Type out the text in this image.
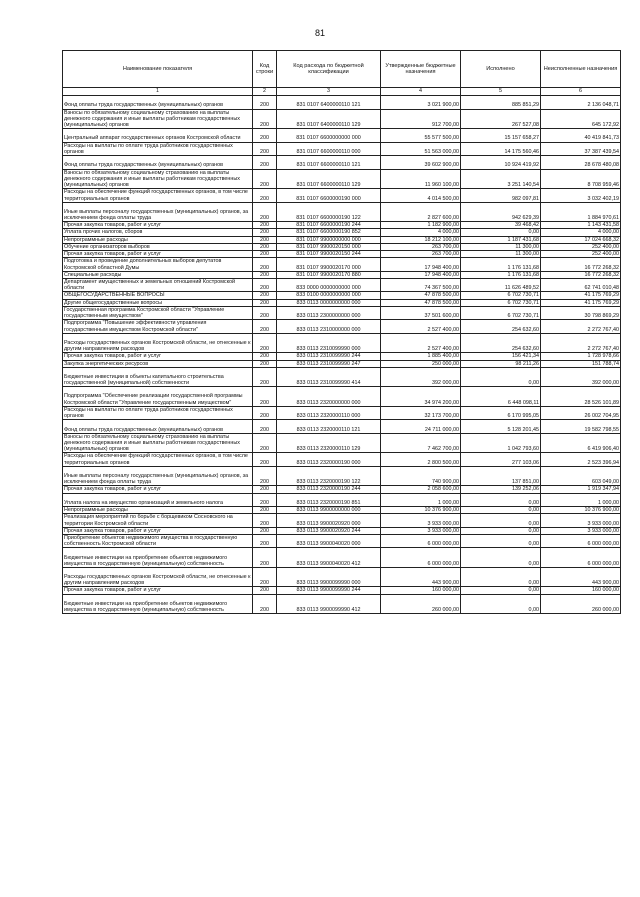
81
Наименование показателя	Код строки	Код расхода по бюджетной классификации	Утвержденные бюджетные назначения	Исполнено	Неисполненные назначения
1	2	3	4	5	6
Фонд оплаты труда государственных (муниципальных) органов	200	831 0107 6400000110 121	3 021 900,00	885 851,29	2 136 048,71
Взносы по обязательному социальному страхованию на выплаты денежного содержания и иные выплаты работникам государственных (муниципальных) органов	200	831 0107 6400000110 129	912 700,00	267 527,08	645 172,92
Центральный аппарат государственных органов Костромской области	200	831 0107 6600000000 000	55 577 500,00	15 157 658,27	40 419 841,73
Расходы на выплаты по оплате труда работников государственных органов	200	831 0107 6600000110 000	51 563 000,00	14 175 560,46	37 387 439,54
Фонд оплаты труда государственных (муниципальных) органов	200	831 0107 6600000110 121	39 602 900,00	10 924 419,92	28 678 480,08
Взносы по обязательному социальному страхованию на выплаты денежного содержания и иные выплаты работникам государственных (муниципальных) органов	200	831 0107 6600000110 129	11 960 100,00	3 251 140,54	8 708 959,46
Расходы на обеспечение функций государственных органов, в том числе территориальных органов	200	831 0107 6600000190 000	4 014 500,00	982 097,81	3 032 402,19
Иные выплаты персоналу государственных (муниципальных) органов, за исключением фонда оплаты труда	200	831 0107 6600000190 122	2 827 600,00	942 629,39	1 884 970,61
Прочая закупка товаров, работ и услуг	200	831 0107 6600000190 244	1 182 900,00	39 468,42	1 143 431,58
Уплата прочих налогов, сборов	200	831 0107 6600000190 852	4 000,00	0,00	4 000,00
Непрограммные расходы	200	831 0107 9900000000 000	18 212 100,00	1 187 431,68	17 024 668,32
Обучение организаторов выборов	200	831 0107 9900020150 000	263 700,00	11 300,00	252 400,00
Прочая закупка товаров, работ и услуг	200	831 0107 9900020150 244	263 700,00	11 300,00	252 400,00
Подготовка и проведение дополнительных выборов депутатов Костромской областной Думы	200	831 0107 9900020170 000	17 948 400,00	1 176 131,68	16 772 268,32
Специальные расходы	200	831 0107 9900020170 880	17 948 400,00	1 176 131,68	16 772 268,32
Департамент имущественных и земельных отношений Костромской области	200	833 0000 0000000000 000	74 367 500,00	11 626 489,52	62 741 010,48
ОБЩЕГОСУДАРСТВЕННЫЕ ВОПРОСЫ	200	833 0100 0000000000 000	47 878 500,00	6 702 730,71	41 175 769,29
Другие общегосударственные вопросы	200	833 0113 0000000000 000	47 878 500,00	6 702 730,71	41 175 769,29
Государственная программа Костромской области "Управление государственным имуществом"	200	833 0113 2300000000 000	37 501 600,00	6 702 730,71	30 798 869,29
Подпрограмма "Повышение эффективности управления государственным имуществом Костромской области"	200	833 0113 2310000000 000	2 527 400,00	254 632,60	2 272 767,40
Расходы государственных органов Костромской области, не отнесенные к другим направлениям расходов	200	833 0113 2310099990 000	2 527 400,00	254 632,60	2 272 767,40
Прочая закупка товаров, работ и услуг	200	833 0113 2310099990 244	1 885 400,00	156 421,34	1 728 978,66
Закупка энергетических ресурсов	200	833 0113 2310099990 247	250 000,00	98 211,26	151 788,74
Бюджетные инвестиции в объекты капитального строительства государственной (муниципальной) собственности	200	833 0113 2310099990 414	392 000,00	0,00	392 000,00
Подпрограмма "Обеспечение реализации государственной программы Костромской области "Управление государственным имуществом"	200	833 0113 2320000000 000	34 974 200,00	6 448 098,11	28 526 101,89
Расходы на выплаты по оплате труда работников государственных органов	200	833 0113 2320000110 000	32 173 700,00	6 170 995,05	26 002 704,95
Фонд оплаты труда государственных (муниципальных) органов	200	833 0113 2320000110 121	24 711 000,00	5 128 201,45	19 582 798,55
Взносы по обязательному социальному страхованию на выплаты денежного содержания и иные выплаты работникам государственных (муниципальных) органов	200	833 0113 2320000110 129	7 462 700,00	1 042 793,60	6 419 906,40
Расходы на обеспечение функций государственных органов, в том числе территориальных органов	200	833 0113 2320000190 000	2 800 500,00	277 103,06	2 523 396,94
Иные выплаты персоналу государственных (муниципальных) органов, за исключением фонда оплаты труда	200	833 0113 2320000190 122	740 900,00	137 851,00	603 049,00
Прочая закупка товаров, работ и услуг	200	833 0113 2320000190 244	2 058 600,00	139 252,06	1 919 347,94
Уплата налога на имущество организаций и земельного налога	200	833 0113 2320000190 851	1 000,00	0,00	1 000,00
Непрограммные расходы	200	833 0113 9900000000 000	10 376 900,00	0,00	10 376 900,00
Реализация мероприятий по борьбе с борщевиком Сосновского на территории Костромской области	200	833 0113 9900020920 000	3 933 000,00	0,00	3 933 000,00
Прочая закупка товаров, работ и услуг	200	833 0113 9900020920 244	3 933 000,00	0,00	3 933 000,00
Приобретение объектов недвижимого имущества в государственную собственность Костромской области	200	833 0113 9900040020 000	6 000 000,00	0,00	6 000 000,00
Бюджетные инвестиции на приобретение объектов недвижимого имущества в государственную (муниципальную) собственность	200	833 0113 9900040020 412	6 000 000,00	0,00	6 000 000,00
Расходы государственных органов Костромской области, не отнесенные к другим направлениям расходов	200	833 0113 9900099990 000	443 900,00	0,00	443 900,00
Прочая закупка товаров, работ и услуг	200	833 0113 9900099990 244	160 000,00	0,00	160 000,00
Бюджетные инвестиции на приобретение объектов недвижимого имущества в государственную (муниципальную) собственность	200	833 0113 9900099990 412	260 000,00	0,00	260 000,00
